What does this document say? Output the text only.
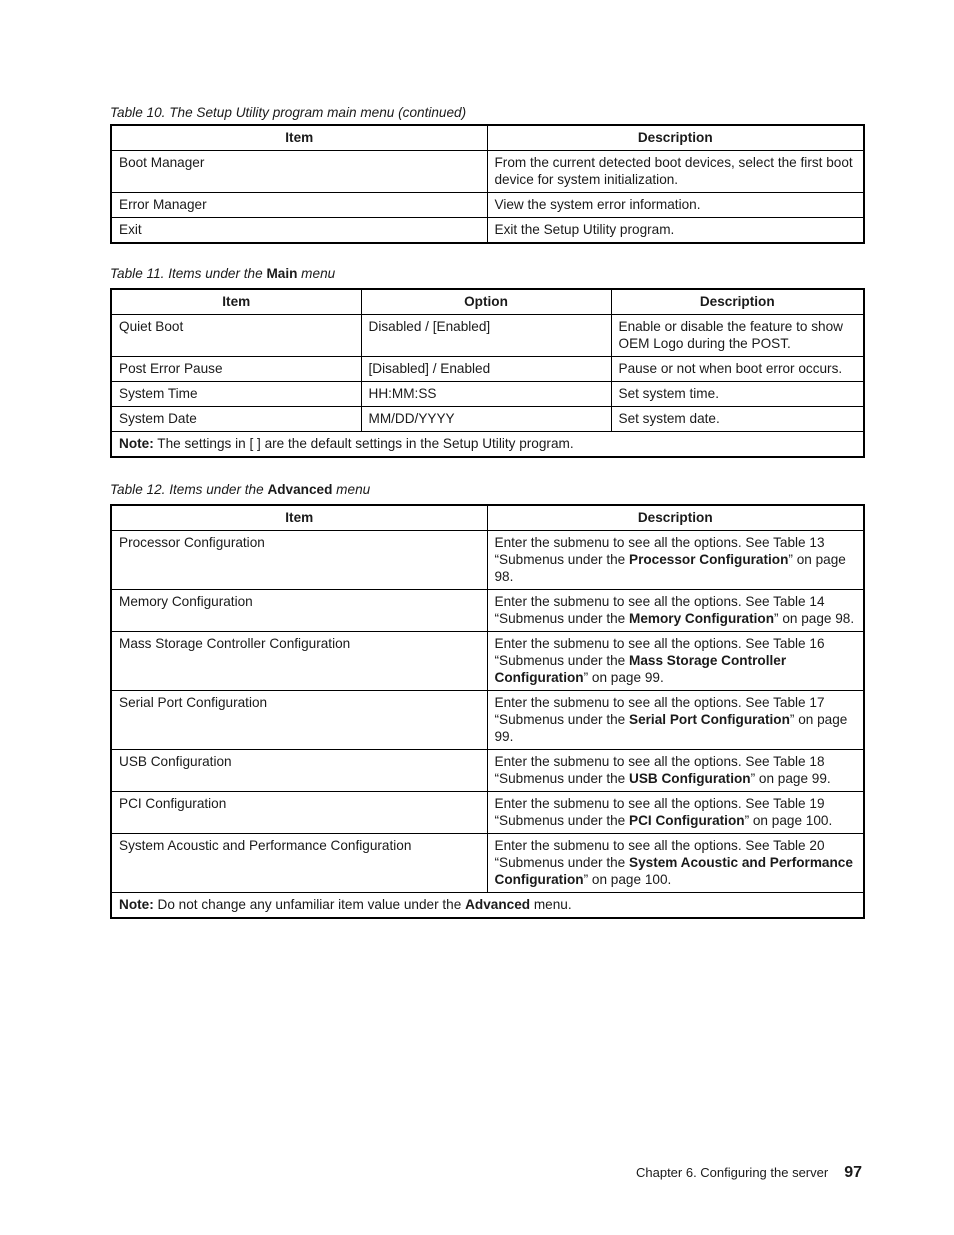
Table 10. The Setup Utility program main menu (continued)
Item	Description
Boot Manager	From the current detected boot devices, select the first boot device for system initialization.
Error Manager	View the system error information.
Exit	Exit the Setup Utility program.
Table 11. Items under the Main menu
Item	Option	Description
Quiet Boot	Disabled / [Enabled]	Enable or disable the feature to show OEM Logo during the POST.
Post Error Pause	[Disabled] / Enabled	Pause or not when boot error occurs.
System Time	HH:MM:SS	Set system time.
System Date	MM/DD/YYYY	Set system date.
Note: The settings in [ ] are the default settings in the Setup Utility program.		
Table 12. Items under the Advanced menu
Item	Description
Processor Configuration	Enter the submenu to see all the options. See Table 13 “Submenus under the Processor Configuration” on page 98.
Memory Configuration	Enter the submenu to see all the options. See Table 14 “Submenus under the Memory Configuration” on page 98.
Mass Storage Controller Configuration	Enter the submenu to see all the options. See Table 16 “Submenus under the Mass Storage Controller Configuration” on page 99.
Serial Port Configuration	Enter the submenu to see all the options. See Table 17 “Submenus under the Serial Port Configuration” on page 99.
USB Configuration	Enter the submenu to see all the options. See Table 18 “Submenus under the USB Configuration” on page 99.
PCI Configuration	Enter the submenu to see all the options. See Table 19 “Submenus under the PCI Configuration” on page 100.
System Acoustic and Performance Configuration	Enter the submenu to see all the options. See Table 20 “Submenus under the System Acoustic and Performance Configuration” on page 100.
Note: Do not change any unfamiliar item value under the Advanced menu.	
Chapter 6. Configuring the server 97
